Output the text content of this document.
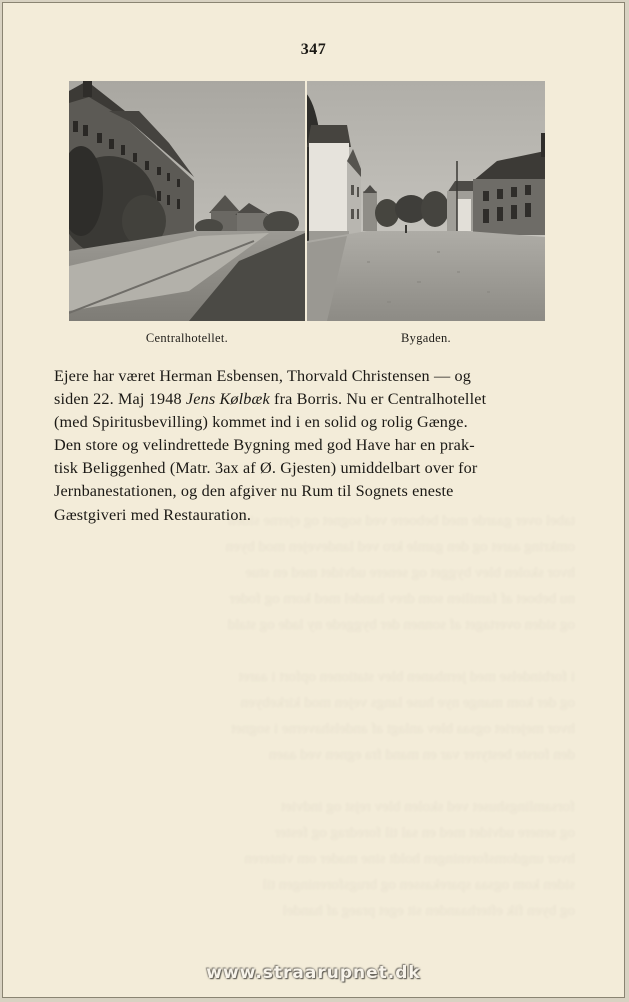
tabel over gaarde med beboere ved sognet og ejerne siden
omkring aaret og den gamle kro ved landevejen mod byen
hvor skolen blev bygget og senere udvidet med en stue
nu beboet af familien som drev handel med korn og foder
og siden overtaget af sonnen der byggede ny lade og stald

i forbindelse med jernbanen blev stationen opfort i aaret
og der kom mange nye huse langs vejen mod kirkebyen
hvor mejeriet ogsaa blev anlagt af andelshaverne i sognet
den forste bestyrer var en mand fra egnen ved aaen

forsamlingshuset ved skolen blev rejst og indviet
og senere udvidet med en sal til foredrag og fester
hvor ungdomsforeningen holdt sine mader om vinteren
siden kom ogsaa sparekassen og brugsforeningen til
og byen fik efterhaanden sit eget praeg af handel
347
Centralhotellet.	Bygaden.
Ejere har været Herman Esbensen, Thorvald Christensen — og
siden 22. Maj 1948 Jens Kølbæk fra Borris. Nu er Centralhotellet
(med Spiritusbevilling) kommet ind i en solid og rolig Gænge.
Den store og velindrettede Bygning med god Have har en prak-
tisk Beliggenhed (Matr. 3ax af Ø. Gjesten) umiddelbart over for
Jernbanestationen, og den afgiver nu Rum til Sognets eneste
Gæstgiveri med Restauration.
www.straarupnet.dk
